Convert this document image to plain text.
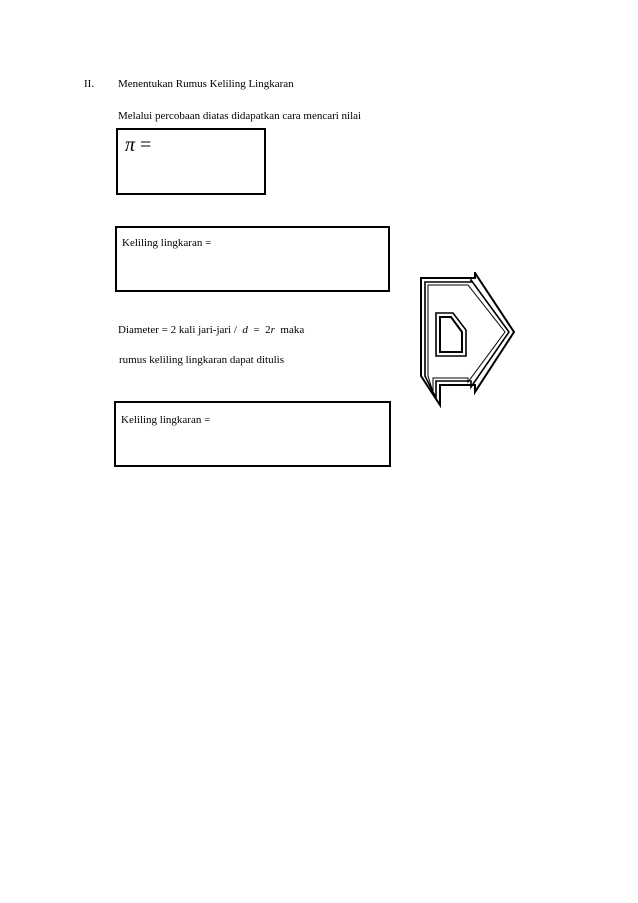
II. Menentukan Rumus Keliling Lingkaran
Melalui percobaan diatas didapatkan cara mencari nilai
π =
Keliling lingkaran =
Diameter = 2 kali jari-jari / d = 2r maka
rumus keliling lingkaran dapat ditulis
Keliling lingkaran =
